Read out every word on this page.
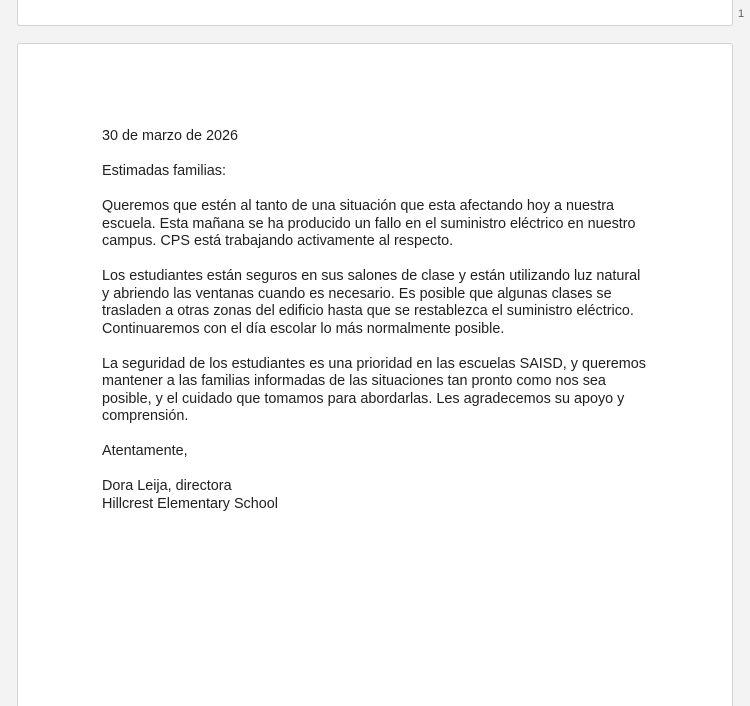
1

30 de marzo de 2026

Estimadas familias:

Queremos que estén al tanto de una situación que esta afectando hoy a nuestra escuela. Esta mañana se ha producido un fallo en el suministro eléctrico en nuestro campus. CPS está trabajando activamente al respecto.

Los estudiantes están seguros en sus salones de clase y están utilizando luz natural y abriendo las ventanas cuando es necesario. Es posible que algunas clases se trasladen a otras zonas del edificio hasta que se restablezca el suministro eléctrico. Continuaremos con el día escolar lo más normalmente posible.

La seguridad de los estudiantes es una prioridad en las escuelas SAISD, y queremos mantener a las familias informadas de las situaciones tan pronto como nos sea posible, y el cuidado que tomamos para abordarlas. Les agradecemos su apoyo y comprensión.

Atentamente,

Dora Leija, directora

Hillcrest Elementary School
